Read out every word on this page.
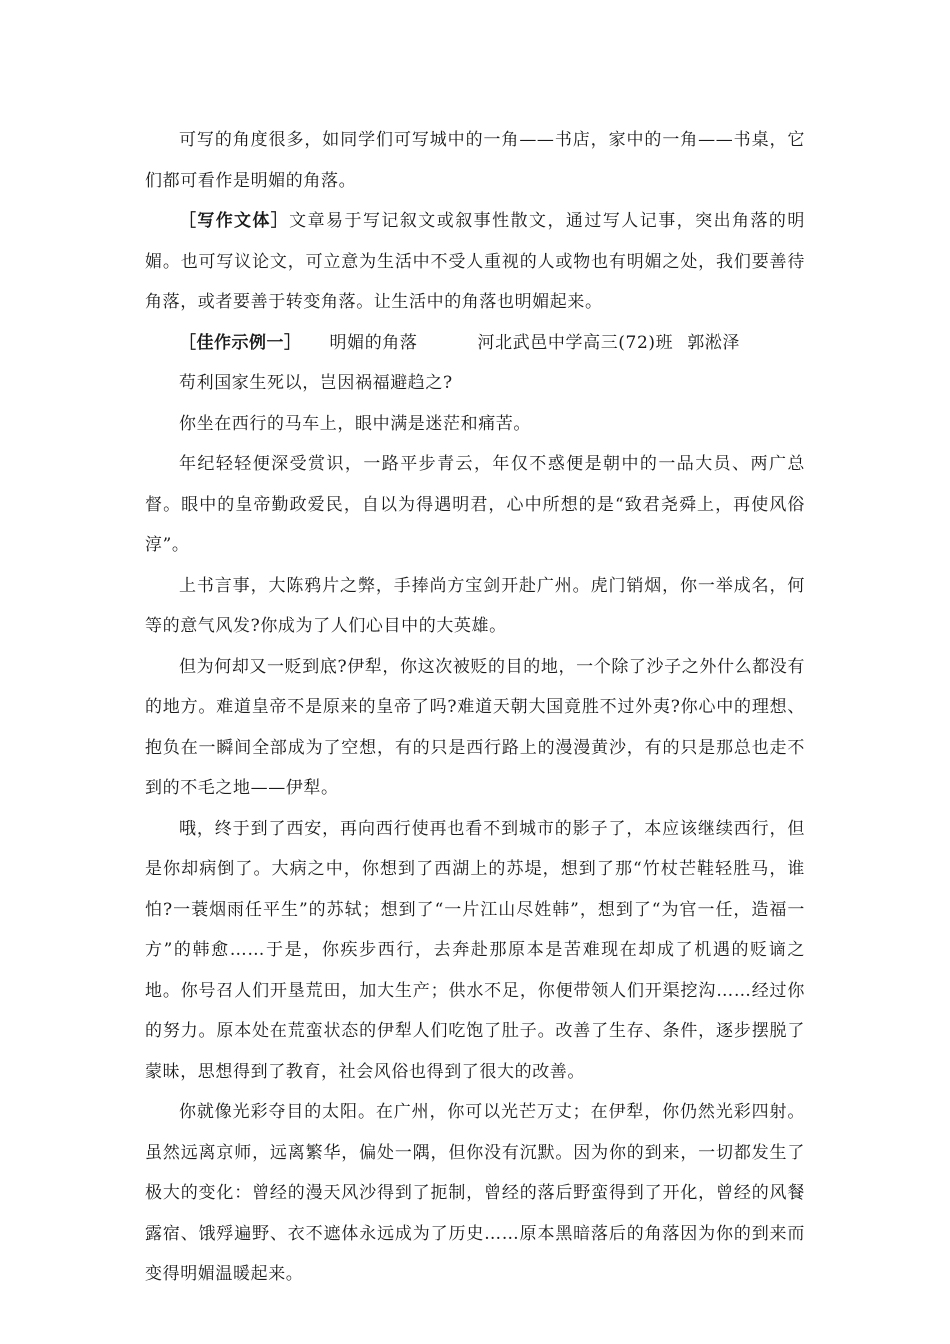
可写的角度很多，如同学们可写城中的一角——书店，家中的一角——书桌，它们都可看作是明媚的角落。

［写作文体］文章易于写记叙文或叙事性散文，通过写人记事，突出角落的明媚。也可写议论文，可立意为生活中不受人重视的人或物也有明媚之处，我们要善待角落，或者要善于转变角落。让生活中的角落也明媚起来。

［佳作示例一］ 明媚的角落	河北武邑中学高三(72)班 郭淞泽

苟利国家生死以，岂因祸福避趋之?

你坐在西行的马车上，眼中满是迷茫和痛苦。

年纪轻轻便深受赏识，一路平步青云，年仅不惑便是朝中的一品大员、两广总督。眼中的皇帝勤政爱民，自以为得遇明君，心中所想的是“致君尧舜上，再使风俗淳”。

上书言事，大陈鸦片之弊，手捧尚方宝剑开赴广州。虎门销烟，你一举成名，何等的意气风发?你成为了人们心目中的大英雄。

但为何却又一贬到底?伊犁，你这次被贬的目的地，一个除了沙子之外什么都没有的地方。难道皇帝不是原来的皇帝了吗?难道天朝大国竟胜不过外夷?你心中的理想、抱负在一瞬间全部成为了空想，有的只是西行路上的漫漫黄沙，有的只是那总也走不到的不毛之地——伊犁。

哦，终于到了西安，再向西行使再也看不到城市的影子了，本应该继续西行，但是你却病倒了。大病之中，你想到了西湖上的苏堤，想到了那“竹杖芒鞋轻胜马，谁怕?一蓑烟雨任平生”的苏轼；想到了“一片江山尽姓韩”，想到了“为官一任，造福一方”的韩愈……于是，你疾步西行，去奔赴那原本是苦难现在却成了机遇的贬谪之地。你号召人们开垦荒田，加大生产；供水不足，你便带领人们开渠挖沟……经过你的努力。原本处在荒蛮状态的伊犁人们吃饱了肚子。改善了生存、条件，逐步摆脱了蒙昧，思想得到了教育，社会风俗也得到了很大的改善。

你就像光彩夺目的太阳。在广州，你可以光芒万丈；在伊犁，你仍然光彩四射。虽然远离京师，远离繁华，偏处一隅，但你没有沉默。因为你的到来，一切都发生了极大的变化：曾经的漫天风沙得到了扼制，曾经的落后野蛮得到了开化，曾经的风餐露宿、饿殍遍野、衣不遮体永远成为了历史……原本黑暗落后的角落因为你的到来而变得明媚温暖起来。
